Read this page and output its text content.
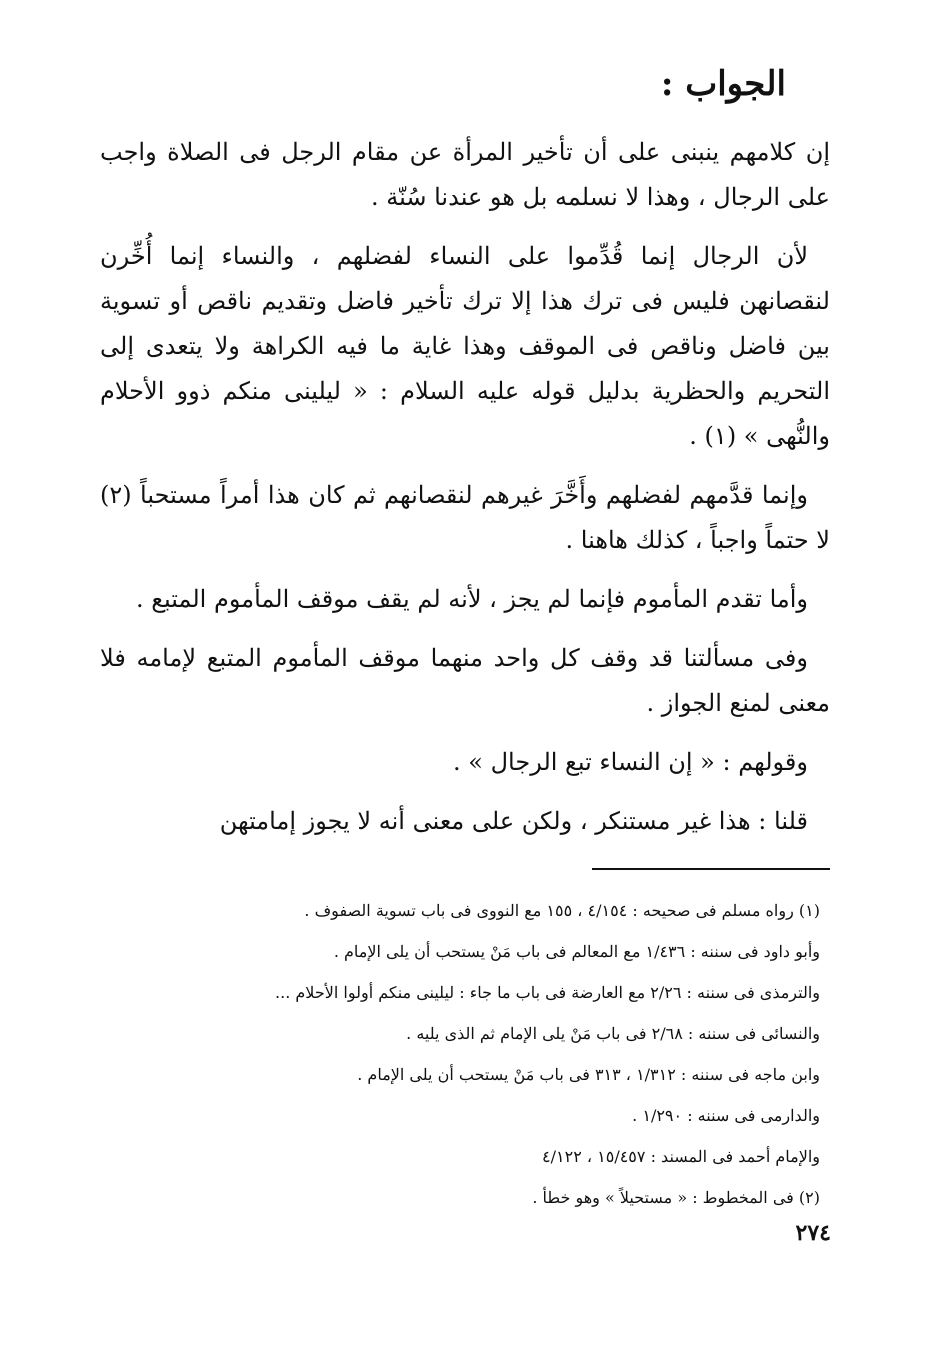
الجواب :

إن كلامهم ينبنى على أن تأخير المرأة عن مقام الرجل فى الصلاة واجب على الرجال ، وهذا لا نسلمه بل هو عندنا سُنّة .

لأن الرجال إنما قُدِّموا على النساء لفضلهم ، والنساء إنما أُخِّرن لنقصانهن فليس فى ترك هذا إلا ترك تأخير فاضل وتقديم ناقص أو تسوية بين فاضل وناقص فى الموقف وهذا غاية ما فيه الكراهة ولا يتعدى إلى التحريم والحظرية بدليل قوله عليه السلام : « ليلينى منكم ذوو الأحلام والنُّهى » (١) .

وإنما قدَّمهم لفضلهم وأَخَّرَ غيرهم لنقصانهم ثم كان هذا أمراً مستحباً (٢) لا حتماً واجباً ، كذلك هاهنا .

وأما تقدم المأموم فإنما لم يجز ، لأنه لم يقف موقف المأموم المتبع .

وفى مسألتنا قد وقف كل واحد منهما موقف المأموم المتبع لإمامه فلا معنى لمنع الجواز .

وقولهم : « إن النساء تبع الرجال » .

قلنا : هذا غير مستنكر ، ولكن على معنى أنه لا يجوز إمامتهن

(١) رواه مسلم فى صحيحه : ٤/١٥٤ ، ١٥٥ مع النووى فى باب تسوية الصفوف .

وأبو داود فى سننه : ١/٤٣٦ مع المعالم فى باب مَنْ يستحب أن يلى الإمام .

والترمذى فى سننه : ٢/٢٦ مع العارضة فى باب ما جاء : ليلينى منكم أولوا الأحلام ...

والنسائى فى سننه : ٢/٦٨ فى باب مَنْ يلى الإمام ثم الذى يليه .

وابن ماجه فى سننه : ١/٣١٢ ، ٣١٣ فى باب مَنْ يستحب أن يلى الإمام .

والدارمى فى سننه : ١/٢٩٠ .

والإمام أحمد فى المسند : ١٥/٤٥٧ ، ٤/١٢٢

(٢) فى المخطوط : « مستحيلاً » وهو خطأ .

٢٧٤
